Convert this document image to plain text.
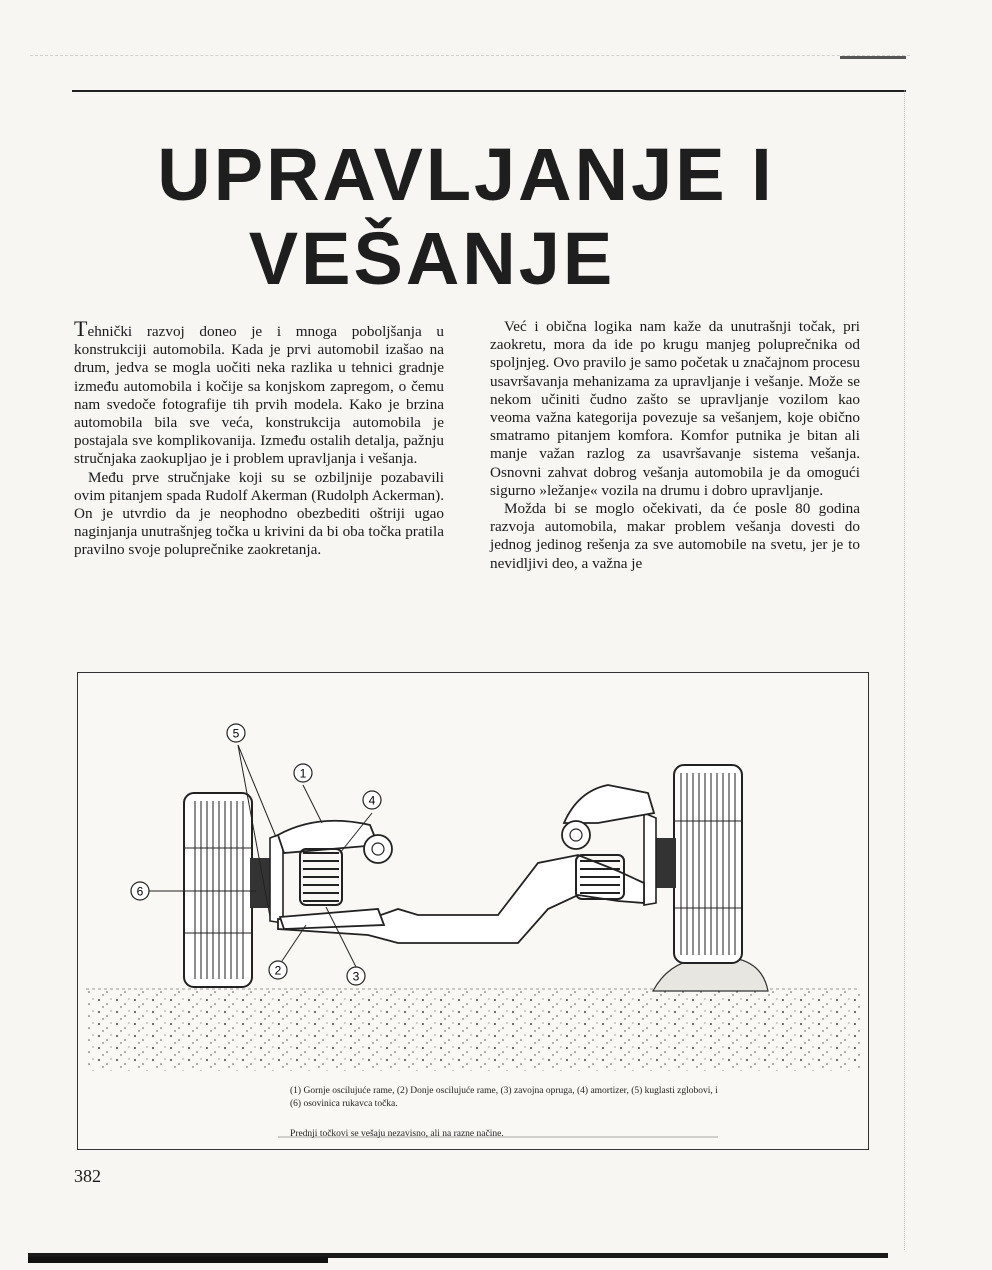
UPRAVLJANJE I
VEŠANJE

Tehnički razvoj doneo je i mnoga poboljšanja u konstrukciji automobila. Kada je prvi automobil izašao na drum, jedva se mogla uočiti neka razlika u tehnici gradnje između automobila i kočije sa konjskom zapregom, o čemu nam svedoče fotografije tih prvih modela. Kako je brzina automobila bila sve veća, konstrukcija automobila je postajala sve komplikovanija. Između ostalih detalja, pažnju stručnjaka zaokupljao je i problem upravljanja i vešanja.

Među prve stručnjake koji su se ozbiljnije pozabavili ovim pitanjem spada Rudolf Akerman (Rudolph Ackerman). On je utvrdio da je neophodno obezbediti oštriji ugao naginjanja unutrašnjeg točka u krivini da bi oba točka pratila pravilno svoje poluprečnike zaokretanja.

Već i obična logika nam kaže da unutrašnji točak, pri zaokretu, mora da ide po krugu manjeg poluprečnika od spoljnjeg. Ovo pravilo je samo početak u značajnom procesu usavršavanja mehanizama za upravljanje i vešanje. Može se nekom učiniti čudno zašto se upravljanje vozilom kao veoma važna kategorija povezuje sa vešanjem, koje obično smatramo pitanjem komfora. Komfor putnika je bitan ali manje važan razlog za usavršavanje sistema vešanja. Osnovni zahvat dobrog vešanja automobila je da omogući sigurno »ležanje« vozila na drumu i dobro upravljanje.

Možda bi se moglo očekivati, da će posle 80 godina razvoja automobila, makar problem vešanja dovesti do jednog jedinog rešenja za sve automobile na svetu, jer je to nevidljivi deo, a važna je

5
1
4
6
2	3
(1) Gornje oscilujuće rame, (2) Donje oscilujuće rame, (3) zavojna opruga, (4) amortizer, (5) kuglasti zglobovi, i (6) osovinica rukavca točka.
Prednji točkovi se vešaju nezavisno, ali na razne načine.
382
